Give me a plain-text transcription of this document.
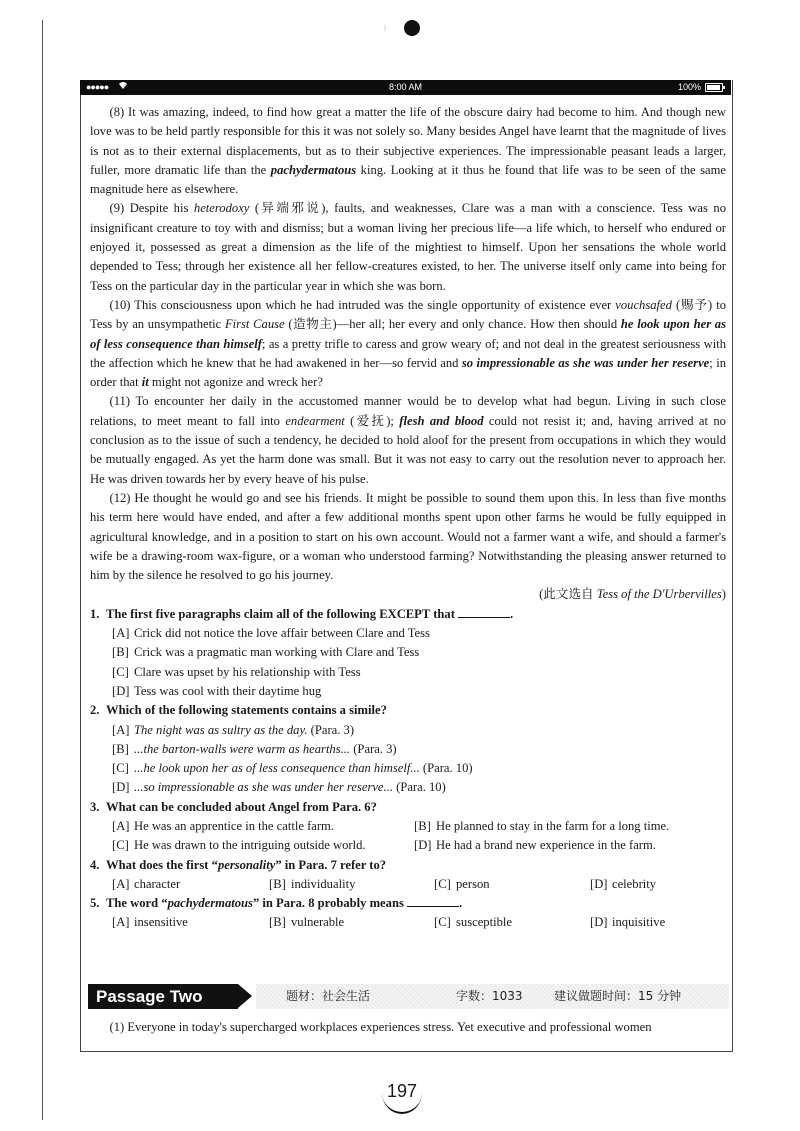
⁞
●●●●●	8:00 AM	100%

(8) It was amazing, indeed, to find how great a matter the life of the obscure dairy had become to him. And though new love was to be held partly responsible for this it was not solely so. Many besides Angel have learnt that the magnitude of lives is not as to their external displacements, but as to their subjective experiences. The impressionable peasant leads a larger, fuller, more dramatic life than the pachydermatous king. Looking at it thus he found that life was to be seen of the same magnitude here as elsewhere.

(9) Despite his heterodoxy (异端邪说), faults, and weaknesses, Clare was a man with a conscience. Tess was no insignificant creature to toy with and dismiss; but a woman living her precious life—a life which, to herself who endured or enjoyed it, possessed as great a dimension as the life of the mightiest to himself. Upon her sensations the whole world depended to Tess; through her existence all her fellow-creatures existed, to her. The universe itself only came into being for Tess on the particular day in the particular year in which she was born.

(10) This consciousness upon which he had intruded was the single opportunity of existence ever vouchsafed (赐予) to Tess by an unsympathetic First Cause (造物主)—her all; her every and only chance. How then should he look upon her as of less consequence than himself; as a pretty trifle to caress and grow weary of; and not deal in the greatest seriousness with the affection which he knew that he had awakened in her—so fervid and so impressionable as she was under her reserve; in order that it might not agonize and wreck her?

(11) To encounter her daily in the accustomed manner would be to develop what had begun. Living in such close relations, to meet meant to fall into endearment (爱抚); flesh and blood could not resist it; and, having arrived at no conclusion as to the issue of such a tendency, he decided to hold aloof for the present from occupations in which they would be mutually engaged. As yet the harm done was small. But it was not easy to carry out the resolution never to approach her. He was driven towards her by every heave of his pulse.

(12) He thought he would go and see his friends. It might be possible to sound them upon this. In less than five months his term here would have ended, and after a few additional months spent upon other farms he would be fully equipped in agricultural knowledge, and in a position to start on his own account. Would not a farmer want a wife, and should a farmer's wife be a drawing-room wax-figure, or a woman who understood farming? Notwithstanding the pleasing answer returned to him by the silence he resolved to go his journey.

(此文选自 Tess of the D'Urbervilles)

1. The first five paragraphs claim all of the following EXCEPT that	.

[A] Crick did not notice the love affair between Clare and Tess

[B] Crick was a pragmatic man working with Clare and Tess

[C] Clare was upset by his relationship with Tess

[D] Tess was cool with their daytime hug

2. Which of the following statements contains a simile?

[A] The night was as sultry as the day. (Para. 3)

[B] ...the barton-walls were warm as hearths... (Para. 3)

[C] ...he look upon her as of less consequence than himself... (Para. 10)

[D] ...so impressionable as she was under her reserve... (Para. 10)

3. What can be concluded about Angel from Para. 6?

[A] He was an apprentice in the cattle farm.	[B] He planned to stay in the farm for a long time.
[C] He was drawn to the intriguing outside world.	[D] He had a brand new experience in the farm.

4. What does the first “personality” in Para. 7 refer to?

[A] character	[B] individuality	[C] person	[D] celebrity

5. The word “pachydermatous” in Para. 8 probably means	.

[A] insensitive	[B] vulnerable	[C] susceptible	[D] inquisitive
Passage Two	题材：社会生活	字数：1033	建议做题时间：15 分钟

(1) Everyone in today's supercharged workplaces experiences stress. Yet executive and professional women

197
